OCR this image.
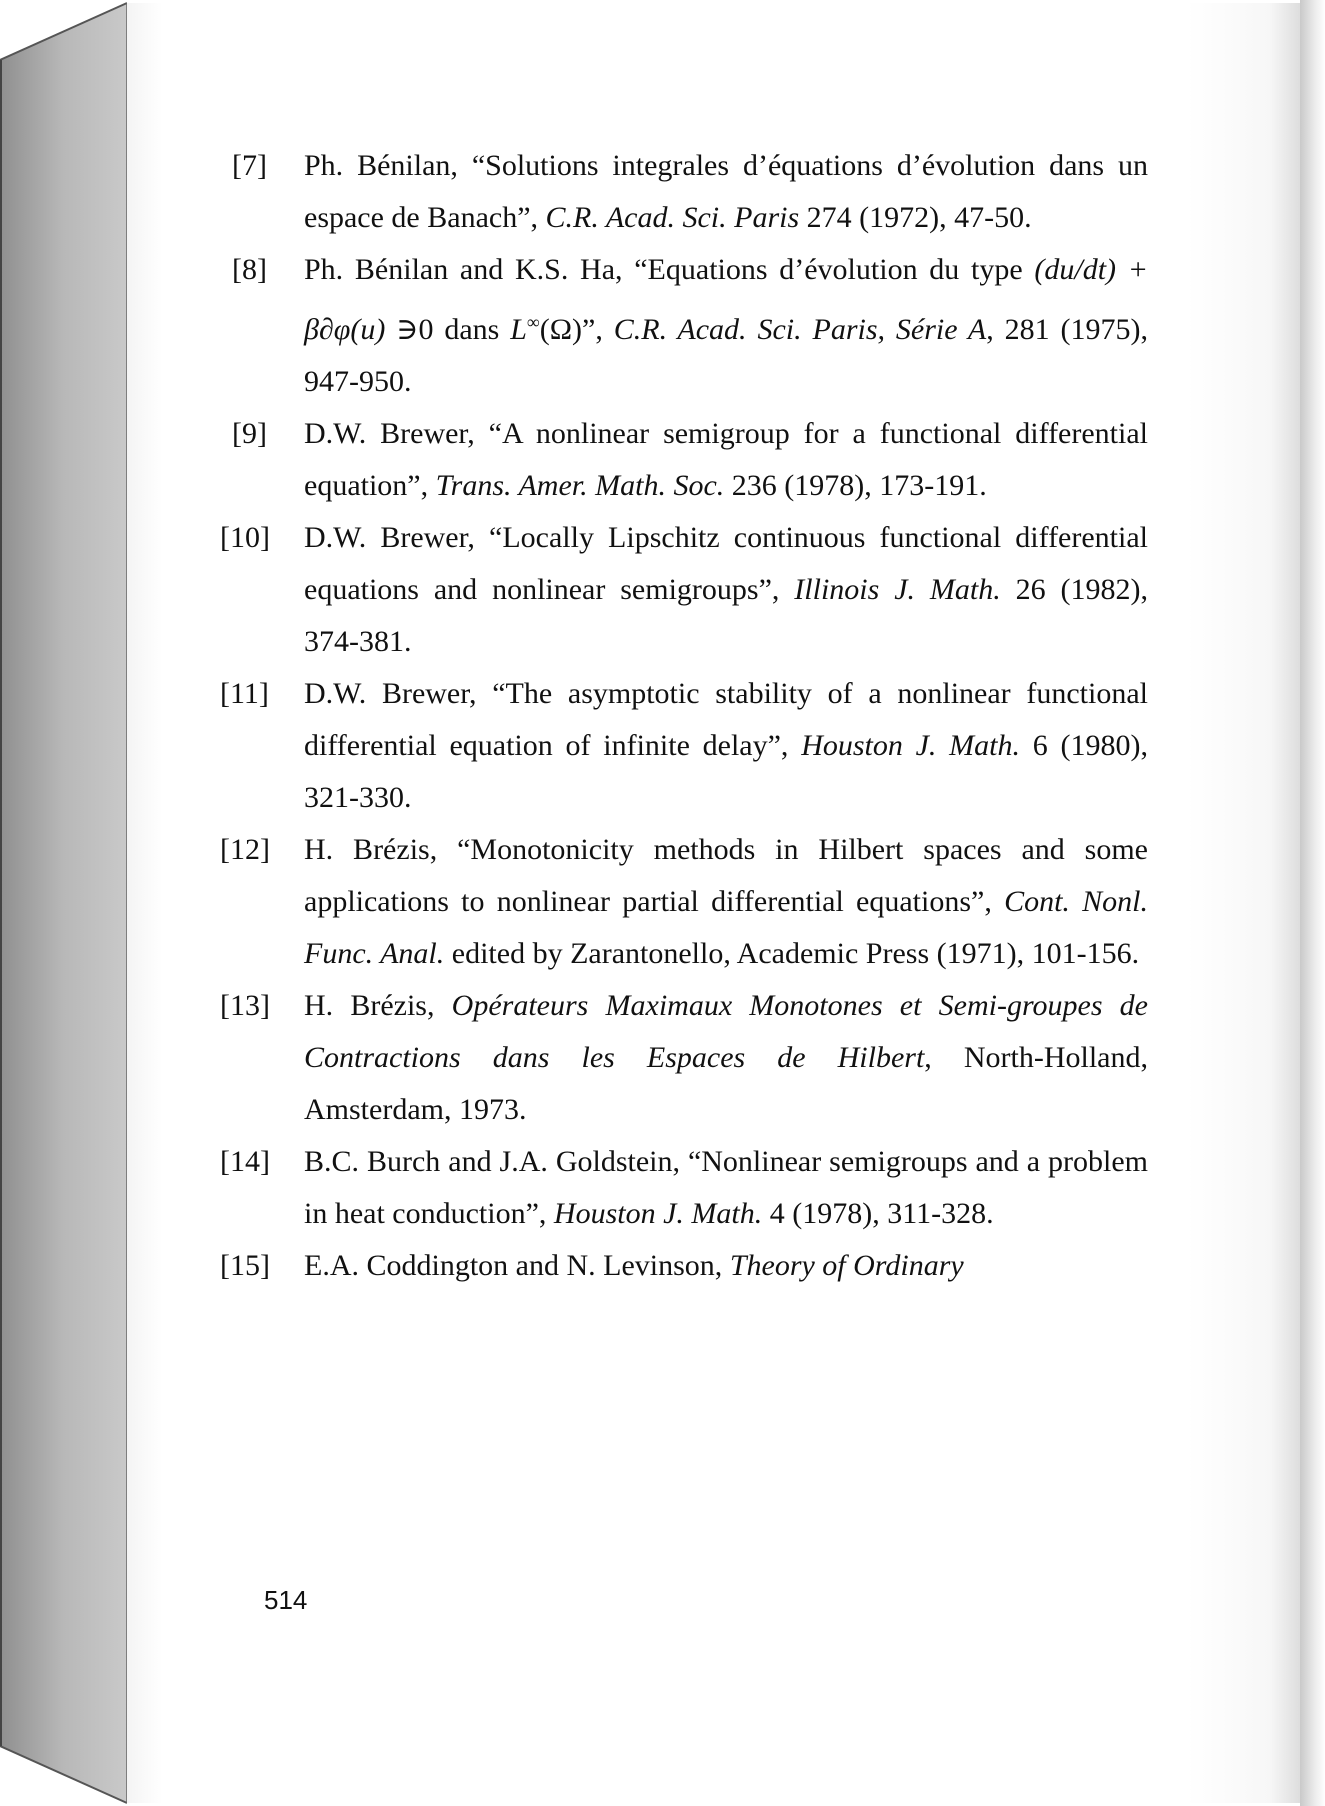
[7]	Ph. Bénilan, “Solutions integrales d’équations d’évolution dans un espace de Banach”, C.R. Acad. Sci. Paris 274 (1972), 47-50.
[8]	Ph. Bénilan and K.S. Ha, “Equations d’évolution du type (du/dt) + β∂φ(u) ∋0 dans L∞(Ω)”, C.R. Acad. Sci. Paris, Série A, 281 (1975), 947-950.
[9]	D.W. Brewer, “A nonlinear semigroup for a functional differential equation”, Trans. Amer. Math. Soc. 236 (1978), 173-191.
[10]	D.W. Brewer, “Locally Lipschitz continuous functional differential equations and nonlinear semigroups”, Illinois J. Math. 26 (1982), 374-381.
[11]	D.W. Brewer, “The asymptotic stability of a nonlinear functional differential equation of infinite delay”, Houston J. Math. 6 (1980), 321-330.
[12]	H. Brézis, “Monotonicity methods in Hilbert spaces and some applications to nonlinear partial differential equations”, Cont. Nonl. Func. Anal. edited by Zarantonello, Academic Press (1971), 101-156.
[13]	H. Brézis, Opérateurs Maximaux Monotones et Semi-groupes de Contractions dans les Espaces de Hilbert, North-Holland, Amsterdam, 1973.
[14]	B.C. Burch and J.A. Goldstein, “Nonlinear semigroups and a problem in heat conduction”, Houston J. Math. 4 (1978), 311-328.
[15]	E.A. Coddington and N. Levinson, Theory of Ordinary
514
